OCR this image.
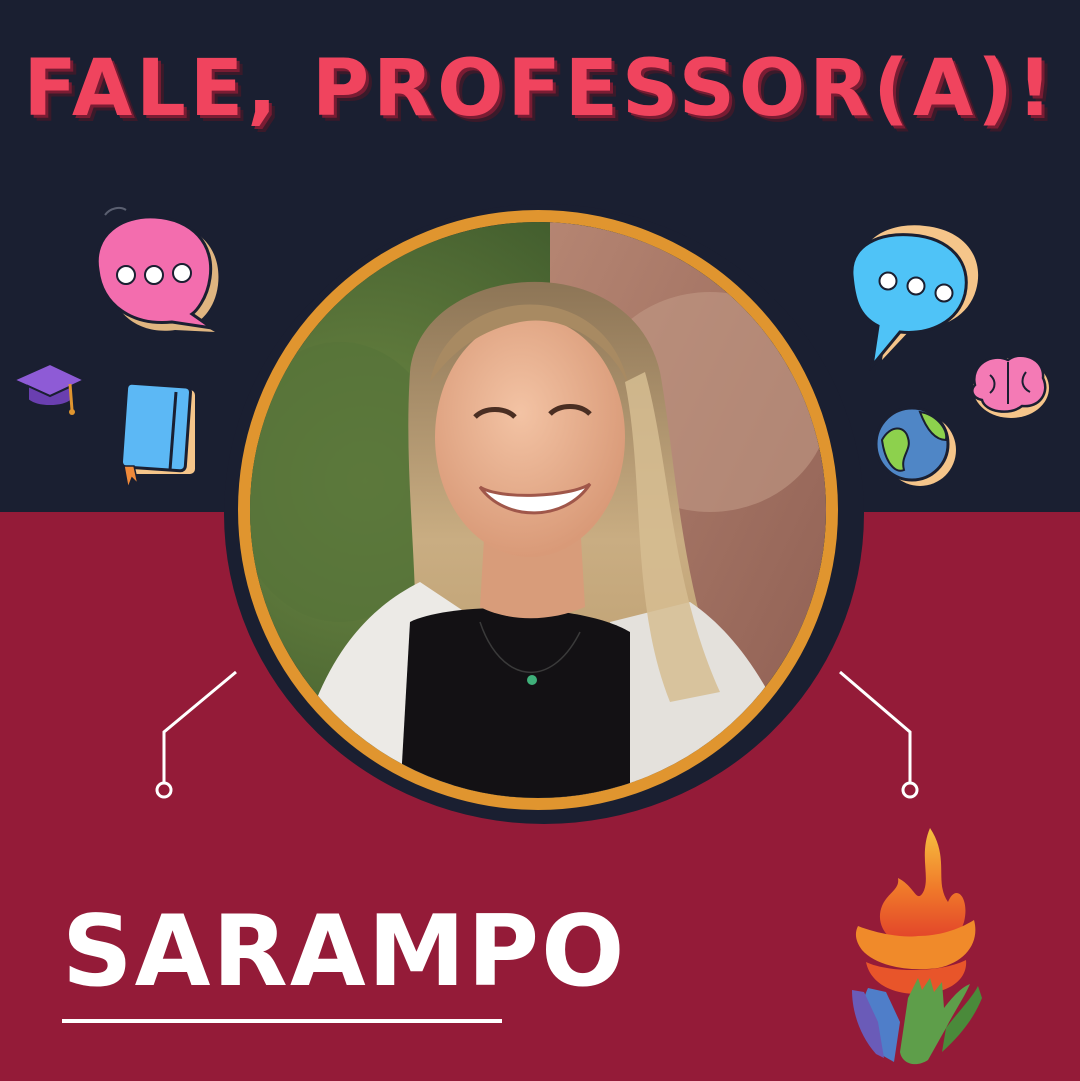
FALE, PROFESSOR(A)!
SARAMPO
